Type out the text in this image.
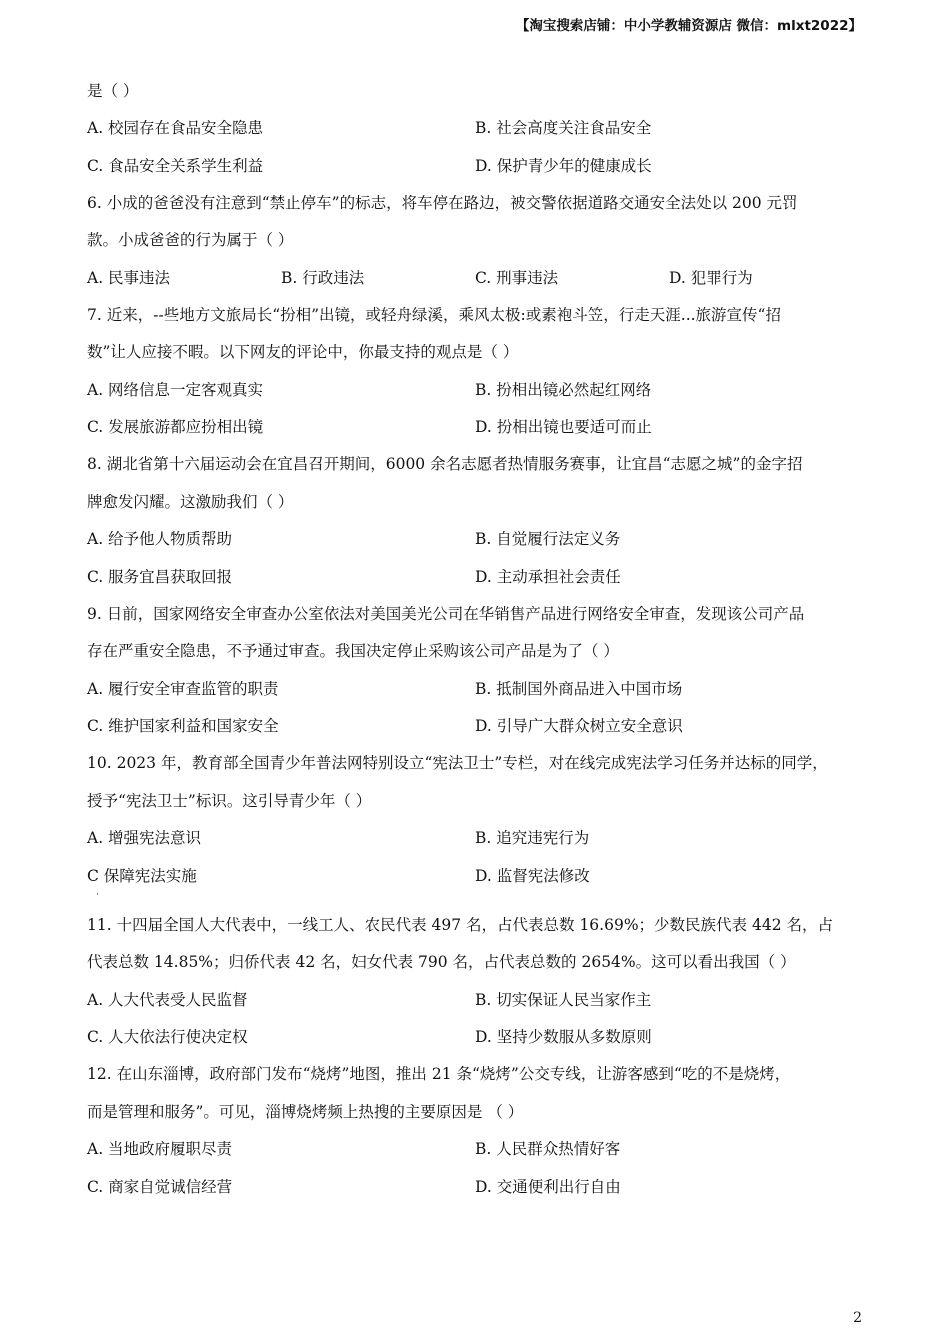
【淘宝搜索店铺：中小学教辅资源店 微信：mlxt2022】
是（ ）
A. 校园存在食品安全隐患	B. 社会高度关注食品安全
C. 食品安全关系学生利益	D. 保护青少年的健康成长
6. 小成的爸爸没有注意到“禁止停车”的标志，将车停在路边，被交警依据道路交通安全法处以 200 元罚
款。小成爸爸的行为属于（ ）
A. 民事违法	B. 行政违法	C. 刑事违法	D. 犯罪行为
7. 近来，--些地方文旅局长“扮相”出镜，或轻舟绿溪，乘风太极:或素袍斗笠，行走天涯...旅游宣传“招
数”让人应接不暇。以下网友的评论中，你最支持的观点是（ ）
A. 网络信息一定客观真实	B. 扮相出镜必然起红网络
C. 发展旅游都应扮相出镜	D. 扮相出镜也要适可而止
8. 湖北省第十六届运动会在宜昌召开期间，6000 余名志愿者热情服务赛事，让宜昌“志愿之城”的金字招
牌愈发闪耀。这激励我们（ ）
A. 给予他人物质帮助	B. 自觉履行法定义务
C. 服务宜昌获取回报	D. 主动承担社会责任
9. 日前，国家网络安全审查办公室依法对美国美光公司在华销售产品进行网络安全审查，发现该公司产品
存在严重安全隐患，不予通过审查。我国决定停止采购该公司产品是为了（ ）
A. 履行安全审查监管的职责	B. 抵制国外商品进入中国市场
C. 维护国家利益和国家安全	D. 引导广大群众树立安全意识
10. 2023 年，教育部全国青少年普法网特别设立“宪法卫士”专栏，对在线完成宪法学习任务并达标的同学，
授予“宪法卫士”标识。这引导青少年（ ）
A. 增强宪法意识	B. 追究违宪行为
C 保障宪法实施	D. 监督宪法修改
·
11. 十四届全国人大代表中，一线工人、农民代表 497 名，占代表总数 16.69%；少数民族代表 442 名，占
代表总数 14.85%；归侨代表 42 名，妇女代表 790 名，占代表总数的 2654%。这可以看出我国（ ）
A. 人大代表受人民监督	B. 切实保证人民当家作主
C. 人大依法行使决定权	D. 坚持少数服从多数原则
12. 在山东淄博，政府部门发布“烧烤”地图，推出 21 条“烧烤”公交专线，让游客感到“吃的不是烧烤，
而是管理和服务”。可见，淄博烧烤频上热搜的主要原因是 （ ）
A. 当地政府履职尽责	B. 人民群众热情好客
C. 商家自觉诚信经营	D. 交通便利出行自由
2
